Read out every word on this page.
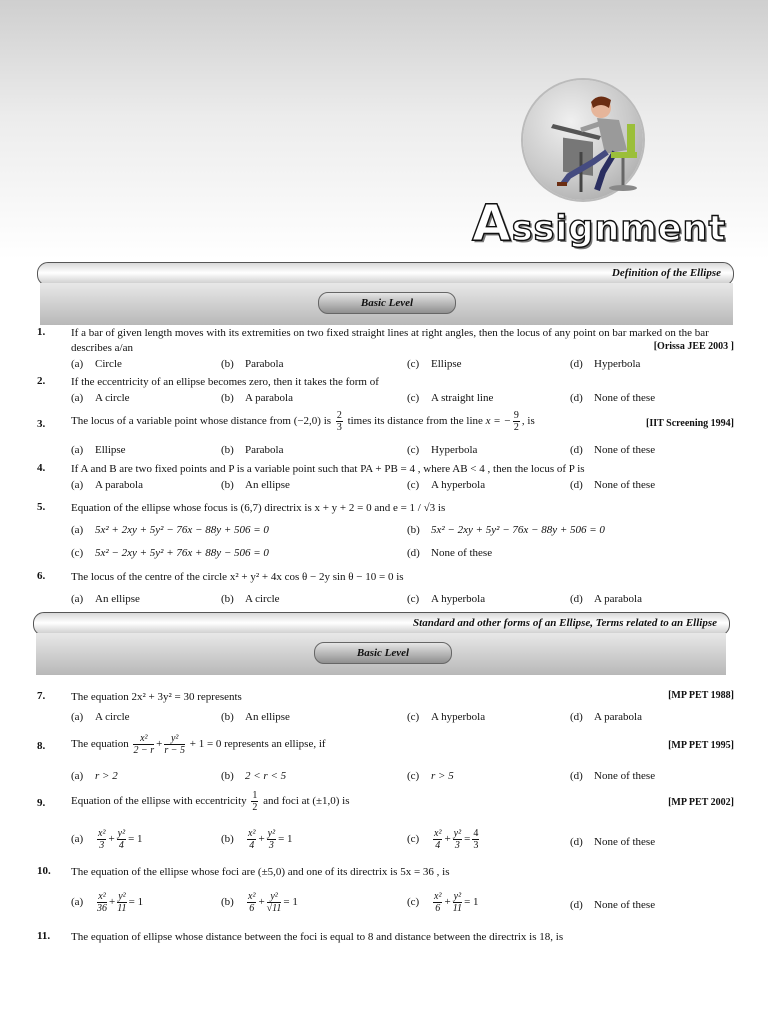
Assignment
Definition of the Ellipse
Basic Level
1. If a bar of given length moves with its extremities on two fixed straight lines at right angles, then the locus of any point on bar marked on the bar describes a/an	[Orissa JEE 2003 ]
(a) Circle	(b) Parabola	(c) Ellipse	(d) Hyperbola
2. If the eccentricity of an ellipse becomes zero, then it takes the form of
(a) A circle	(b) A parabola	(c) A straight line	(d) None of these
3. The locus of a variable point whose distance from (−2,0) is $\frac{2}{3}$ times its distance from the line x = − $\frac{9}{2}$ , is	[IIT Screening 1994]
(a) Ellipse	(b) Parabola	(c) Hyperbola	(d) None of these
4. If A and B are two fixed points and P is a variable point such that PA + PB = 4 , where AB < 4 , then the locus of P is
(a) A parabola	(b) An ellipse	(c) A hyperbola	(d) None of these
5. Equation of the ellipse whose focus is (6,7) directrix is x + y + 2 = 0 and e = 1 / √3 is
(a) 5x² + 2xy + 5y² − 76x − 88y + 506 = 0	(b) 5x² − 2xy + 5y² − 76x − 88y + 506 = 0
(c) 5x² − 2xy + 5y² + 76x + 88y − 506 = 0	(d) None of these
6. The locus of the centre of the circle x² + y² + 4x cos θ − 2y sin θ − 10 = 0 is
(a) An ellipse	(b) A circle	(c) A hyperbola	(d) A parabola
Standard and other forms of an Ellipse, Terms related to an Ellipse
Basic Level
7. The equation 2x² + 3y² = 30 represents	[MP PET 1988]
(a) A circle	(b) An ellipse	(c) A hyperbola	(d) A parabola
8. The equation $\frac{\text{x²}}{2 - r} + \frac{\text{y²}}{r - 5} + 1 = 0$ represents an ellipse, if	[MP PET 1995]
(a) r > 2	(b) 2 < r < 5	(c) r > 5	(d) None of these
9. Equation of the ellipse with eccentricity $\frac{1}{2}$ and foci at (±1,0) is	[MP PET 2002]
$(a) \frac{\text{x²}}{3} + \frac{\text{y²}}{4} = 1$	$(b) \frac{\text{x²}}{4} + \frac{\text{y²}}{3} = 1$	$(c) \frac{\text{x²}}{4} + \frac{\text{y²}}{3} = \frac{4}{3}$	(d) None of these
10. The equation of the ellipse whose foci are (±5,0) and one of its directrix is 5x = 36 , is
$(a) \frac{\text{x²}}{36} + \frac{\text{y²}}{11} = 1$	$(b) \frac{\text{x²}}{6} + \frac{\text{y²}}{√11} = 1$	$(c) \frac{\text{x²}}{6} + \frac{\text{y²}}{11} = 1$	(d) None of these
11. The equation of ellipse whose distance between the foci is equal to 8 and distance between the directrix is 18, is
